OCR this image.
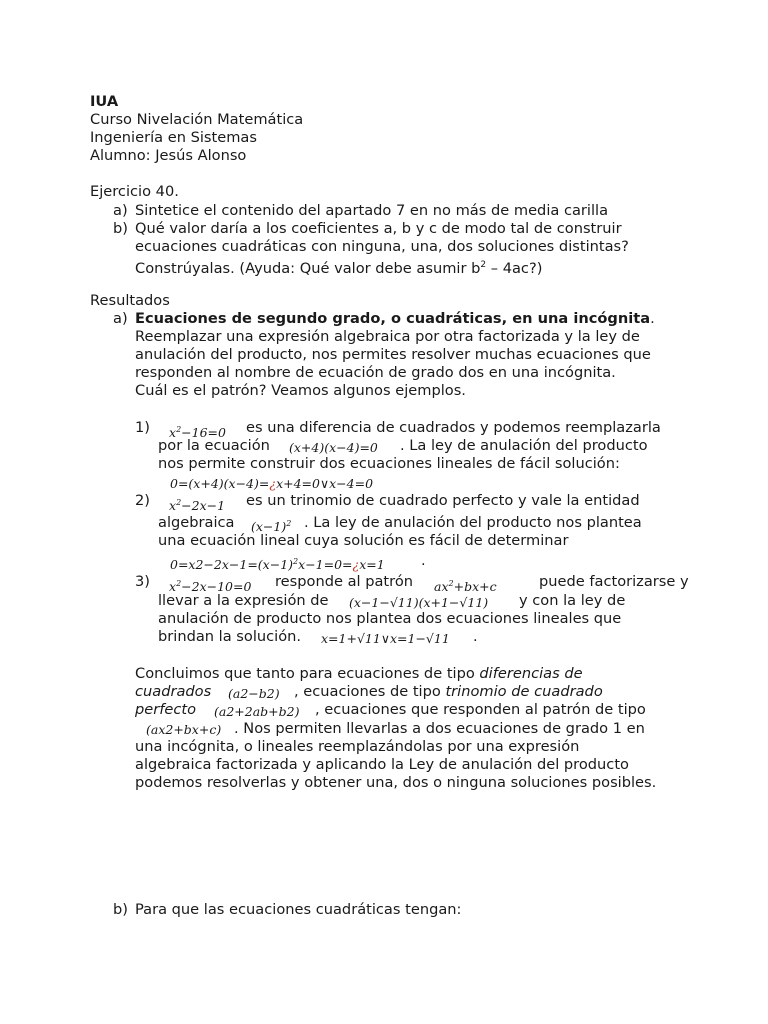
IUA
Curso Nivelación Matemática
Ingeniería en Sistemas
Alumno: Jesús Alonso
Ejercicio 40.
a) Sintetice el contenido del apartado 7 en no más de media carilla
b) Qué valor daría a los coeficientes a, b y c de modo tal de construir
ecuaciones cuadráticas con ninguna, una, dos soluciones distintas?
Constrúyalas. (Ayuda: Qué valor debe asumir $b^2$ – 4ac?)
Resultados
a) Ecuaciones de segundo grado, o cuadráticas, en una incógnita.
Reemplazar una expresión algebraica por otra factorizada y la ley de
anulación del producto, nos permites resolver muchas ecuaciones que
responden al nombre de ecuación de grado dos en una incógnita.
Cuál es el patrón? Veamos algunos ejemplos.
1) $x^2-16=0$ es una diferencia de cuadrados y podemos reemplazarla
por la ecuación (x+4)(x−4)=0 . La ley de anulación del producto
nos permite construir dos ecuaciones lineales de fácil solución:
0=(x+4)(x−4)=¿x+4=0∨x−4=0
2) $x^2-2x-1$ es un trinomio de cuadrado perfecto y vale la entidad
algebraica $(x-1)^2$ . La ley de anulación del producto nos plantea
una ecuación lineal cuya solución es fácil de determinar
$0=x2-2x-1=(x-1)^2x-1=0=¿x=1$ .
3) $x^2-2x-10=0$ responde al patrón $ax^2+bx+c$	puede factorizarse y
llevar a la expresión de (x−1−√11)(x+1−√11) y con la ley de
anulación de producto nos plantea dos ecuaciones lineales que
brindan la solución. x=1+√11∨x=1−√11 .
Concluimos que tanto para ecuaciones de tipo diferencias de
cuadrados (a2−b2) , ecuaciones de tipo trinomio de cuadrado
perfecto (a2+2ab+b2) , ecuaciones que responden al patrón de tipo
(ax2+bx+c) . Nos permiten llevarlas a dos ecuaciones de grado 1 en
una incógnita, o lineales reemplazándolas por una expresión
algebraica factorizada y aplicando la Ley de anulación del producto
podemos resolverlas y obtener una, dos o ninguna soluciones posibles.
b) Para que las ecuaciones cuadráticas tengan:
